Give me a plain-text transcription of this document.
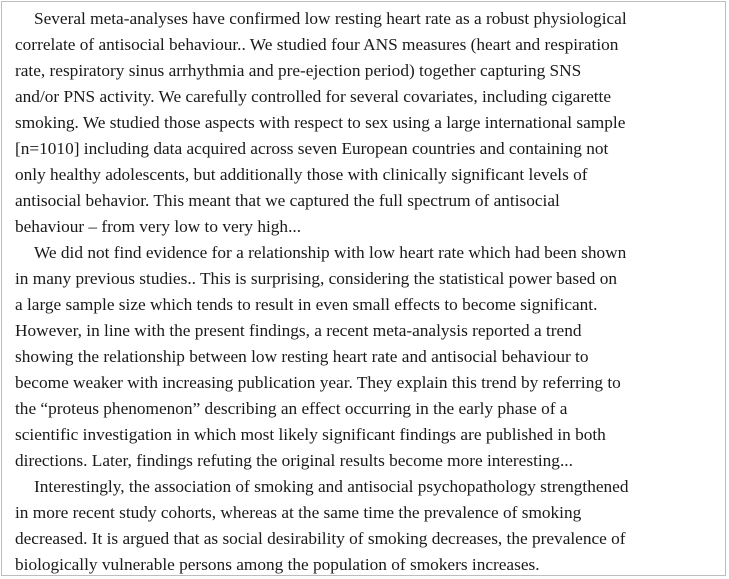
Several meta-analyses have confirmed low resting heart rate as a robust physiological
correlate of antisocial behaviour.. We studied four ANS measures (heart and respiration
rate, respiratory sinus arrhythmia and pre-ejection period) together capturing SNS
and/or PNS activity. We carefully controlled for several covariates, including cigarette
smoking. We studied those aspects with respect to sex using a large international sample
[n=1010] including data acquired across seven European countries and containing not
only healthy adolescents, but additionally those with clinically significant levels of
antisocial behavior. This meant that we captured the full spectrum of antisocial
behaviour – from very low to very high...

We did not find evidence for a relationship with low heart rate which had been shown
in many previous studies.. This is surprising, considering the statistical power based on
a large sample size which tends to result in even small effects to become significant.
However, in line with the present findings, a recent meta-analysis reported a trend
showing the relationship between low resting heart rate and antisocial behaviour to
become weaker with increasing publication year. They explain this trend by referring to
the “proteus phenomenon” describing an effect occurring in the early phase of a
scientific investigation in which most likely significant findings are published in both
directions. Later, findings refuting the original results become more interesting...

Interestingly, the association of smoking and antisocial psychopathology strengthened
in more recent study cohorts, whereas at the same time the prevalence of smoking
decreased. It is argued that as social desirability of smoking decreases, the prevalence of
biologically vulnerable persons among the population of smokers increases.
